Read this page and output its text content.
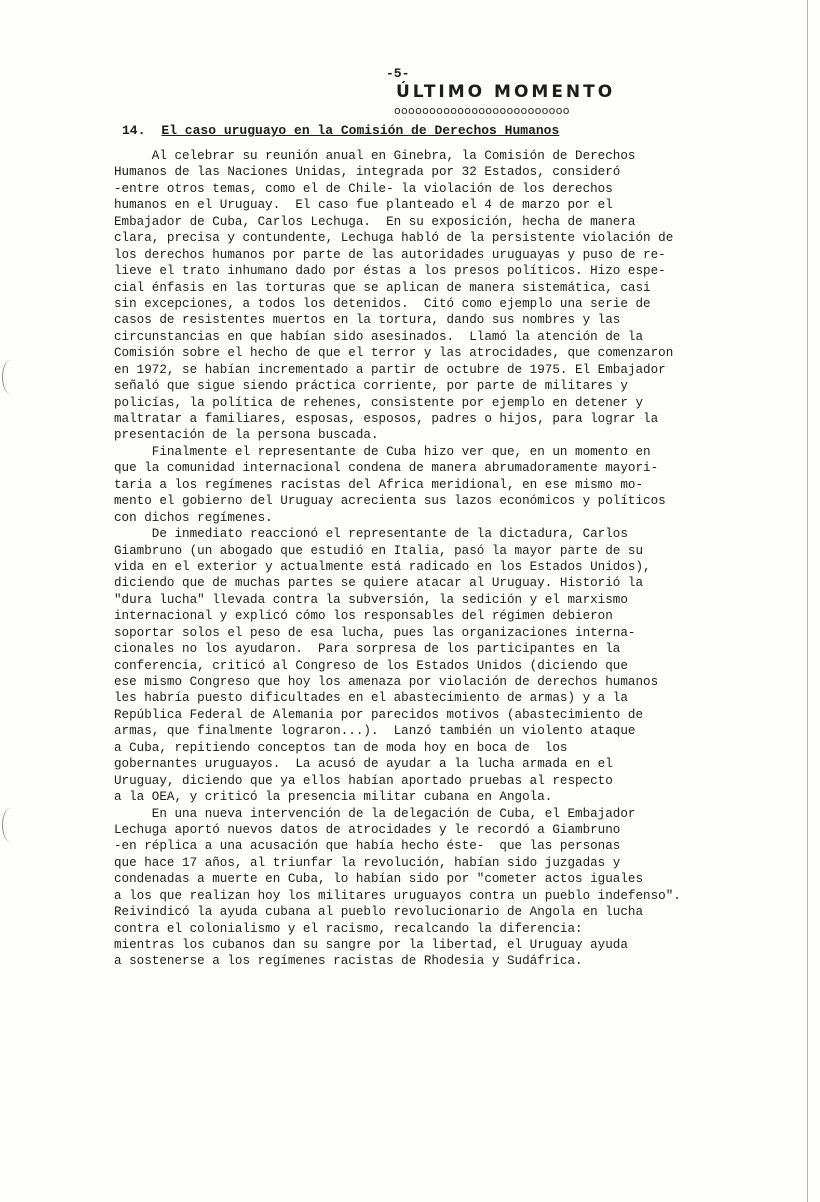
-5-
ÚLTIMO MOMENTO
ooooooooooooooooooooooooo
14. El caso uruguayo en la Comisión de Derechos Humanos
Al celebrar su reunión anual en Ginebra, la Comisión de Derechos
Humanos de las Naciones Unidas, integrada por 32 Estados, consideró
-entre otros temas, como el de Chile- la violación de los derechos
humanos en el Uruguay.  El caso fue planteado el 4 de marzo por el
Embajador de Cuba, Carlos Lechuga.  En su exposición, hecha de manera
clara, precisa y contundente, Lechuga habló de la persistente violación de
los derechos humanos por parte de las autoridades uruguayas y puso de re-
lieve el trato inhumano dado por éstas a los presos políticos. Hizo espe-
cial énfasis en las torturas que se aplican de manera sistemática, casi
sin excepciones, a todos los detenidos.  Citó como ejemplo una serie de
casos de resistentes muertos en la tortura, dando sus nombres y las
circunstancias en que habían sido asesinados.  Llamó la atención de la
Comisión sobre el hecho de que el terror y las atrocidades, que comenzaron
en 1972, se habían incrementado a partir de octubre de 1975. El Embajador
señaló que sigue siendo práctica corriente, por parte de militares y
policías, la política de rehenes, consistente por ejemplo en detener y
maltratar a familiares, esposas, esposos, padres o hijos, para lograr la
presentación de la persona buscada.
Finalmente el representante de Cuba hizo ver que, en un momento en
que la comunidad internacional condena de manera abrumadoramente mayori-
taria a los regímenes racistas del Africa meridional, en ese mismo mo-
mento el gobierno del Uruguay acrecienta sus lazos económicos y políticos
con dichos regímenes.
De inmediato reaccionó el representante de la dictadura, Carlos
Giambruno (un abogado que estudió en Italia, pasó la mayor parte de su
vida en el exterior y actualmente está radicado en los Estados Unidos),
diciendo que de muchas partes se quiere atacar al Uruguay. Historió la
"dura lucha" llevada contra la subversión, la sedición y el marxismo
internacional y explicó cómo los responsables del régimen debieron
soportar solos el peso de esa lucha, pues las organizaciones interna-
cionales no los ayudaron.  Para sorpresa de los participantes en la
conferencia, criticó al Congreso de los Estados Unidos (diciendo que
ese mismo Congreso que hoy los amenaza por violación de derechos humanos
les habría puesto dificultades en el abastecimiento de armas) y a la
República Federal de Alemania por parecidos motivos (abastecimiento de
armas, que finalmente lograron...).  Lanzó también un violento ataque
a Cuba, repitiendo conceptos tan de moda hoy en boca de  los
gobernantes uruguayos.  La acusó de ayudar a la lucha armada en el
Uruguay, diciendo que ya ellos habían aportado pruebas al respecto
a la OEA, y criticó la presencia militar cubana en Angola.
En una nueva intervención de la delegación de Cuba, el Embajador
Lechuga aportó nuevos datos de atrocidades y le recordó a Giambruno
-en réplica a una acusación que había hecho éste-  que las personas
que hace 17 años, al triunfar la revolución, habían sido juzgadas y
condenadas a muerte en Cuba, lo habían sido por "cometer actos iguales
a los que realizan hoy los militares uruguayos contra un pueblo indefenso".
Reivindicó la ayuda cubana al pueblo revolucionario de Angola en lucha
contra el colonialismo y el racismo, recalcando la diferencia:
mientras los cubanos dan su sangre por la libertad, el Uruguay ayuda
a sostenerse a los regímenes racistas de Rhodesia y Sudáfrica.
